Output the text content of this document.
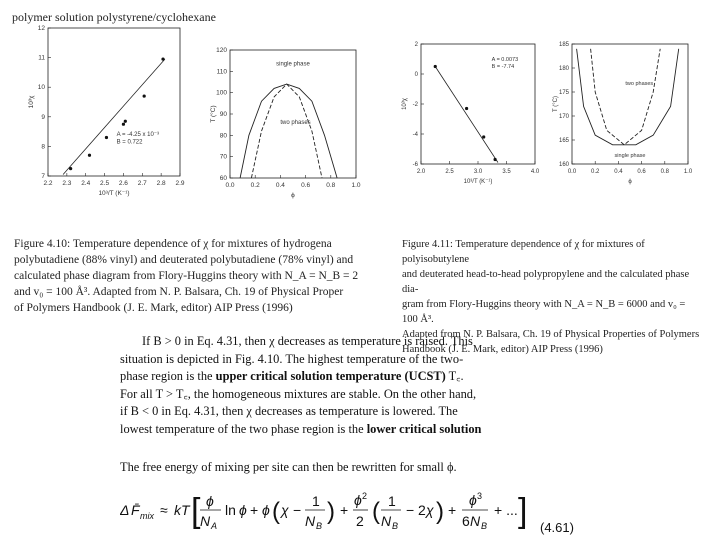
polymer solution polystyrene/cyclohexane
2.2 2.3 2.4 2.5 2.6 2.7 2.8 2.9
7
8
9
10
11
12
10³/T (K⁻¹)
10³χ
A = -4.25 x 10⁻³
B = 0.722
0.0 0.2 0.4 0.6 0.8 1.0
60
70
80
90
100
110
120
ϕ
T (°C)
single phase
two phases
2.0	2.5	3.0	3.5	4.0
-6
-4
-2
0
2
10³/T (K⁻¹)
10³χ
A = 0.0073
B = -7.74
0.0 0.2 0.4 0.6 0.8 1.0
160
165
170
175
180
185
ϕ
T (°C)
two phases
single phase
Figure 4.10: Temperature dependence of χ for mixtures of hydrogena
polybutadiene (88% vinyl) and deuterated polybutadiene (78% vinyl) and
calculated phase diagram from Flory-Huggins theory with N_A = N_B = 2
and v₀ = 100 Å³. Adapted from N. P. Balsara, Ch. 19 of Physical Proper
of Polymers Handbook (J. E. Mark, editor) AIP Press (1996)
Figure 4.11: Temperature dependence of χ for mixtures of polyisobutylene
and deuterated head-to-head polypropylene and the calculated phase dia-
gram from Flory-Huggins theory with N_A = N_B = 6000 and v₀ = 100 Å³.
Adapted from N. P. Balsara, Ch. 19 of Physical Properties of Polymers
Handbook (J. E. Mark, editor) AIP Press (1996)
If B > 0 in Eq. 4.31, then χ decreases as temperature is raised. This
situation is depicted in Fig. 4.10. The highest temperature of the two-
phase region is the upper critical solution temperature (UCST) T꜀.
For all T > T꜀, the homogeneous mixtures are stable. On the other hand,
if B < 0 in Eq. 4.31, then χ decreases as temperature is lowered. The
lowest temperature of the two phase region is the lower critical solution
The free energy of mixing per site can then be rewritten for small ϕ.
Δ F̄ mix ≈ kT [ ϕ
N A
ln ϕ + ϕ ( χ −
1
N B
) +
ϕ 2
2 ( 1
N B
− 2 χ ) +
ϕ 3
6 N B
+ ... ] (4.61)
